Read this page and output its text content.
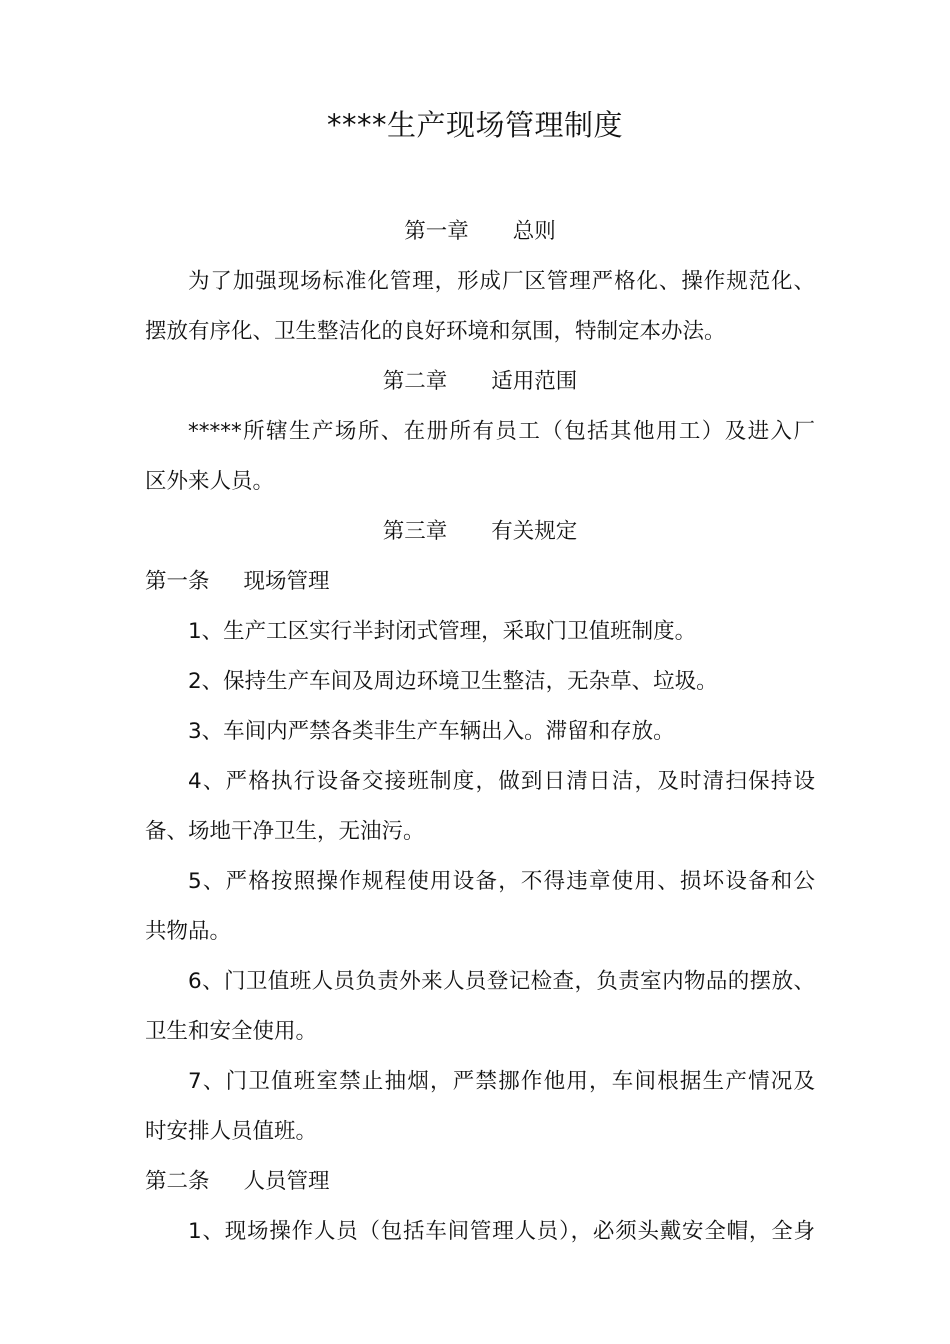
****生产现场管理制度
第一章 总则
为了加强现场标准化管理，形成厂区管理严格化、操作规范化、
摆放有序化、卫生整洁化的良好环境和氛围，特制定本办法。
第二章 适用范围
*****所辖生产场所、在册所有员工（包括其他用工）及进入厂
区外来人员。
第三章 有关规定
第一条 现场管理
1、生产工区实行半封闭式管理，采取门卫值班制度。
2、保持生产车间及周边环境卫生整洁，无杂草、垃圾。
3、车间内严禁各类非生产车辆出入。滞留和存放。
4、严格执行设备交接班制度，做到日清日洁，及时清扫保持设
备、场地干净卫生，无油污。
5、严格按照操作规程使用设备，不得违章使用、损坏设备和公
共物品。
6、门卫值班人员负责外来人员登记检查，负责室内物品的摆放、
卫生和安全使用。
7、门卫值班室禁止抽烟，严禁挪作他用，车间根据生产情况及
时安排人员值班。
第二条 人员管理
1、现场操作人员（包括车间管理人员），必须头戴安全帽，全身
